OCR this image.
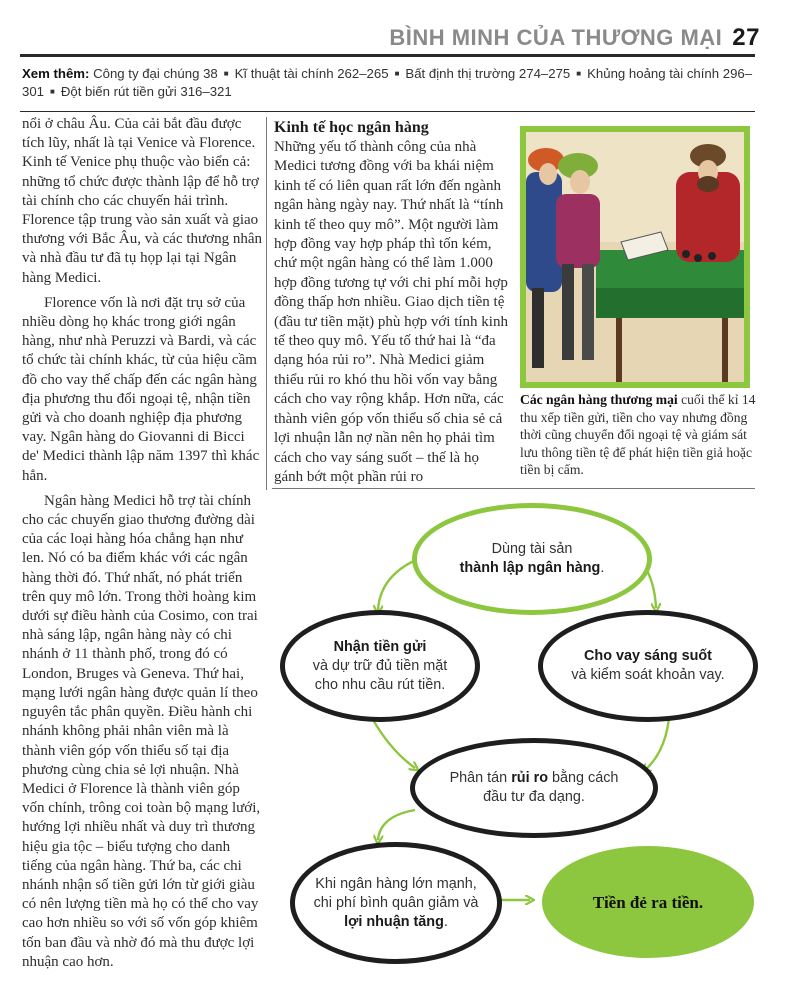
BÌNH MINH CỦA THƯƠNG MẠI 27
Xem thêm: Công ty đại chúng 38 ■ Kĩ thuật tài chính 262–265 ■ Bất định thị trường 274–275 ■ Khủng hoảng tài chính 296–301 ■ Đột biến rút tiền gửi 316–321

nổi ở châu Âu. Của cải bắt đầu được tích lũy, nhất là tại Venice và Florence. Kinh tế Venice phụ thuộc vào biển cả: những tổ chức được thành lập để hỗ trợ tài chính cho các chuyến hải trình. Florence tập trung vào sản xuất và giao thương với Bắc Âu, và các thương nhân và nhà đầu tư đã tụ họp lại tại Ngân hàng Medici.

Florence vốn là nơi đặt trụ sở của nhiều dòng họ khác trong giới ngân hàng, như nhà Peruzzi và Bardi, và các tổ chức tài chính khác, từ của hiệu cầm đồ cho vay thế chấp đến các ngân hàng địa phương thu đổi ngoại tệ, nhận tiền gửi và cho doanh nghiệp địa phương vay. Ngân hàng do Giovanni di Bicci de' Medici thành lập năm 1397 thì khác hẳn.

Ngân hàng Medici hỗ trợ tài chính cho các chuyến giao thương đường dài của các loại hàng hóa chẳng hạn như len. Nó có ba điểm khác với các ngân hàng thời đó. Thứ nhất, nó phát triển trên quy mô lớn. Trong thời hoàng kim dưới sự điều hành của Cosimo, con trai nhà sáng lập, ngân hàng này có chi nhánh ở 11 thành phố, trong đó có London, Bruges và Geneva. Thứ hai, mạng lưới ngân hàng được quản lí theo nguyên tắc phân quyền. Điều hành chi nhánh không phải nhân viên mà là thành viên góp vốn thiểu số tại địa phương cùng chia sẻ lợi nhuận. Nhà Medici ở Florence là thành viên góp vốn chính, trông coi toàn bộ mạng lưới, hướng lợi nhiều nhất và duy trì thương hiệu gia tộc – biểu tượng cho danh tiếng của ngân hàng. Thứ ba, các chi nhánh nhận số tiền gửi lớn từ giới giàu có nên lượng tiền mà họ có thể cho vay cao hơn nhiều so với số vốn góp khiêm tốn ban đầu và nhờ đó mà thu được lợi nhuận cao hơn.

Kinh tế học ngân hàng

Những yếu tố thành công của nhà Medici tương đồng với ba khái niệm kinh tế có liên quan rất lớn đến ngành ngân hàng ngày nay. Thứ nhất là “tính kinh tế theo quy mô”. Một người làm hợp đồng vay hợp pháp thì tốn kém, chứ một ngân hàng có thể làm 1.000 hợp đồng tương tự với chi phí mỗi hợp đồng thấp hơn nhiều. Giao dịch tiền tệ (đầu tư tiền mặt) phù hợp với tính kinh tế theo quy mô. Yếu tố thứ hai là “đa dạng hóa rủi ro”. Nhà Medici giảm thiểu rủi ro khó thu hồi vốn vay bằng cách cho vay rộng khắp. Hơn nữa, các thành viên góp vốn thiểu số chia sẻ cả lợi nhuận lẫn nợ nần nên họ phải tìm cách cho vay sáng suốt – thế là họ gánh bớt một phần rủi ro

Các ngân hàng thương mại cuối thế kỉ 14 thu xếp tiền gửi, tiền cho vay nhưng đồng thời cũng chuyển đổi ngoại tệ và giám sát lưu thông tiền tệ để phát hiện tiền giả hoặc tiền bị cấm.
Dùng tài sản
thành lập ngân hàng.
Nhận tiền gửi
và dự trữ đủ tiền mặt
cho nhu cầu rút tiền.
Cho vay sáng suốt
và kiểm soát khoản vay.
Phân tán rủi ro bằng cách
đầu tư đa dạng.
Khi ngân hàng lớn mạnh,
chi phí bình quân giảm và
lợi nhuận tăng.
Tiền đẻ ra tiền.
